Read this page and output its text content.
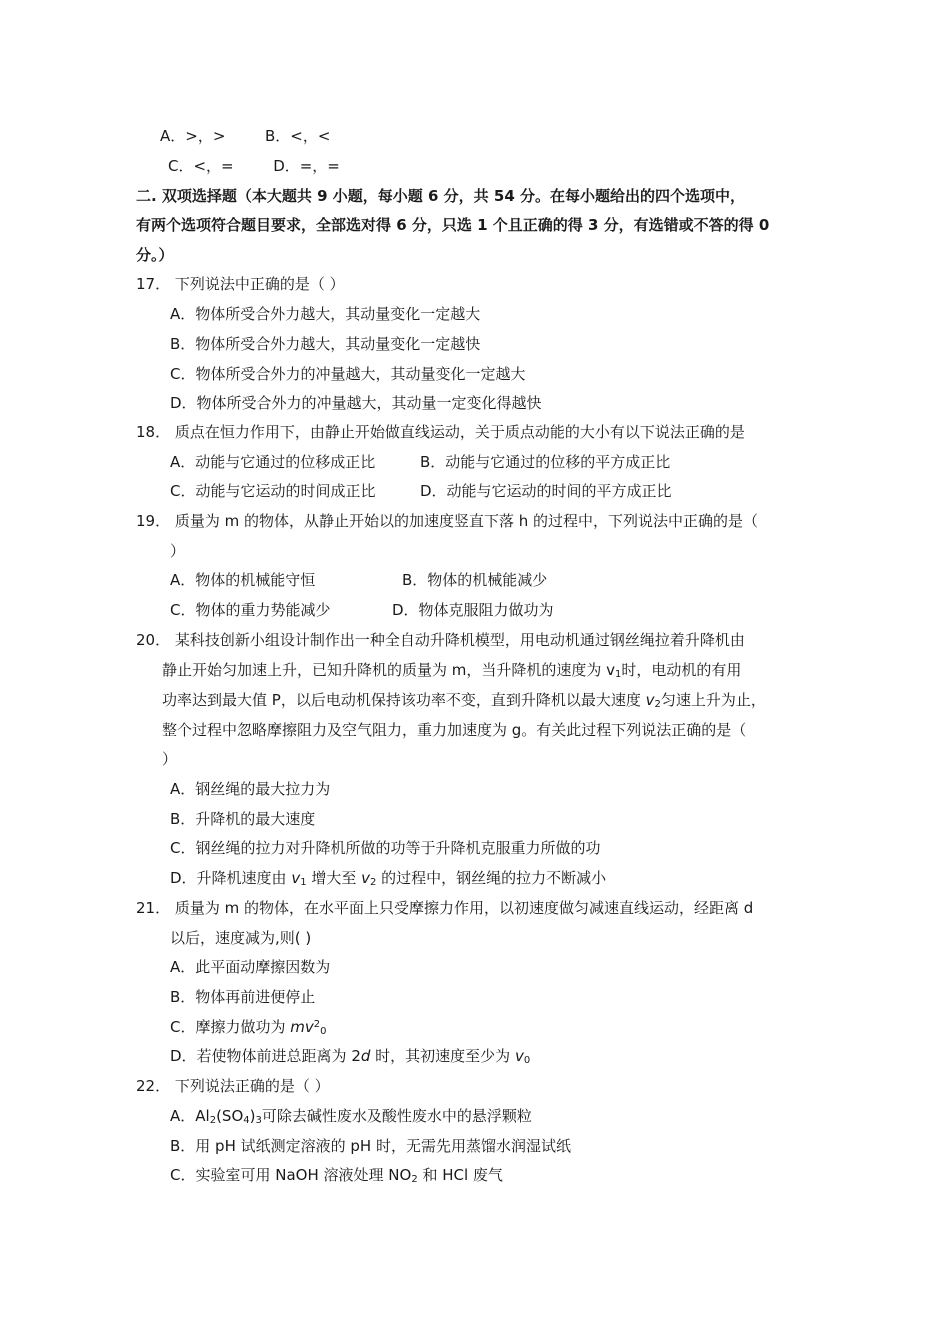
A．>，>	B．<，<
C．<，=	D．=，=
二. 双项选择题（本大题共 9 小题，每小题 6 分，共 54 分。在每小题给出的四个选项中，
有两个选项符合题目要求，全部选对得 6 分，只选 1 个且正确的得 3 分，有选错或不答的得 0
分。）
17． 下列说法中正确的是（ ）
A．物体所受合外力越大，其动量变化一定越大
B．物体所受合外力越大，其动量变化一定越快
C．物体所受合外力的冲量越大，其动量变化一定越大
D．物体所受合外力的冲量越大，其动量一定变化得越快
18． 质点在恒力作用下，由静止开始做直线运动，关于质点动能的大小有以下说法正确的是
A．动能与它通过的位移成正比	B．动能与它通过的位移的平方成正比
C．动能与它运动的时间成正比	D．动能与它运动的时间的平方成正比
19． 质量为 m 的物体，从静止开始以的加速度竖直下落 h 的过程中，下列说法中正确的是（
）
A．物体的机械能守恒	B．物体的机械能减少
C．物体的重力势能减少	D．物体克服阻力做功为
20． 某科技创新小组设计制作出一种全自动升降机模型，用电动机通过钢丝绳拉着升降机由
静止开始匀加速上升，已知升降机的质量为 m，当升降机的速度为 $v_1$时，电动机的有用
功率达到最大值 P，以后电动机保持该功率不变，直到升降机以最大速度 $v_2$匀速上升为止，
整个过程中忽略摩擦阻力及空气阻力，重力加速度为 g。有关此过程下列说法正确的是（
）
A．钢丝绳的最大拉力为
B．升降机的最大速度
C．钢丝绳的拉力对升降机所做的功等于升降机克服重力所做的功
D．升降机速度由 $v_1$ 增大至 $v_2$ 的过程中，钢丝绳的拉力不断减小
21． 质量为 m 的物体，在水平面上只受摩擦力作用，以初速度做匀减速直线运动，经距离 d
以后，速度减为,则( )
A．此平面动摩擦因数为
B．物体再前进便停止
C．摩擦力做功为 $mv^2_0$
D．若使物体前进总距离为 2d 时，其初速度至少为 $v_0$
22． 下列说法正确的是（ ）
A．$Al_2(SO_4)_3$可除去碱性废水及酸性废水中的悬浮颗粒
B．用 pH 试纸测定溶液的 pH 时，无需先用蒸馏水润湿试纸
C．实验室可用 NaOH 溶液处理 $NO_2$ 和 HCl 废气
